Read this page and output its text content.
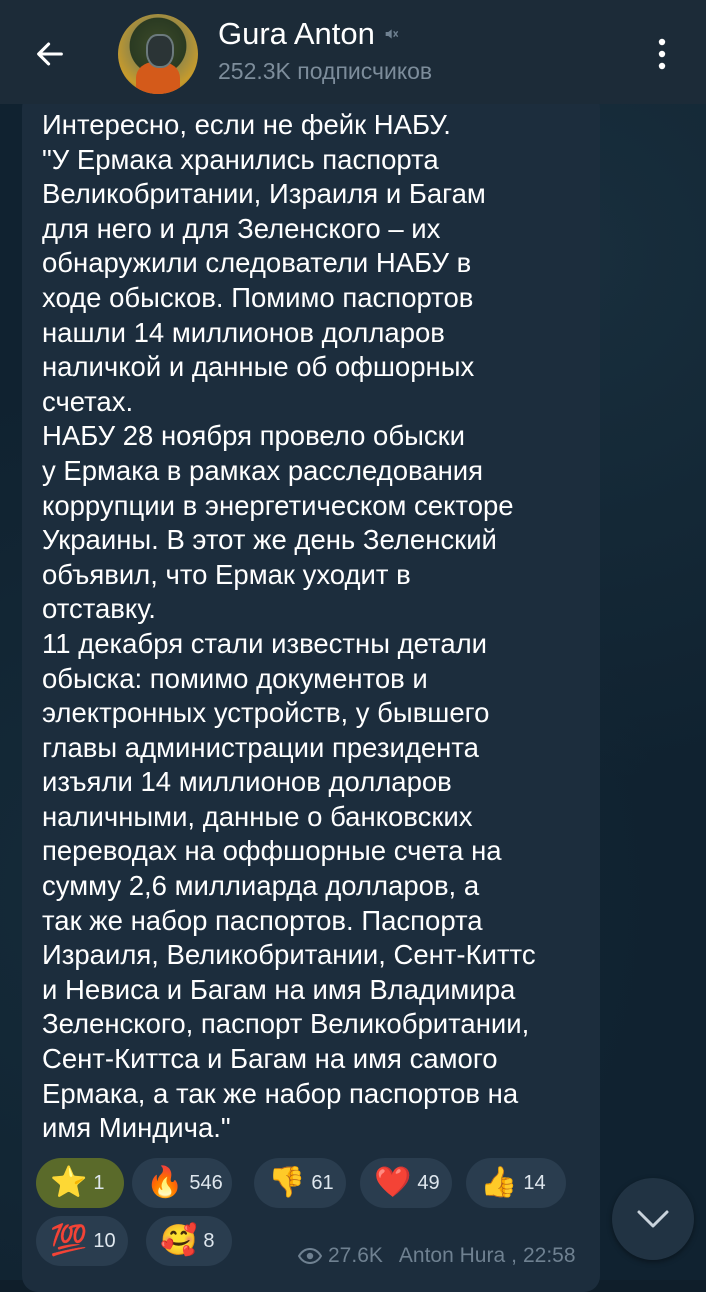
Gura Anton
252.3K подписчиков
Интересно, если не фейк НАБУ.
"У Ермака хранились паспорта
Великобритании, Израиля и Багам
для него и для Зеленского – их
обнаружили следователи НАБУ в
ходе обысков. Помимо паспортов
нашли 14 миллионов долларов
наличкой и данные об офшорных
счетах.
НАБУ 28 ноября провело обыски
у Ермака в рамках расследования
коррупции в энергетическом секторе
Украины. В этот же день Зеленский
объявил, что Ермак уходит в
отставку.
11 декабря стали известны детали
обыска: помимо документов и
электронных устройств, у бывшего
главы администрации президента
изъяли 14 миллионов долларов
наличными, данные о банковских
переводах на оффшорные счета на
сумму 2,6 миллиарда долларов, а
так же набор паспортов. Паспорта
Израиля, Великобритании, Сент-Киттс
и Невиса и Багам на имя Владимира
Зеленского, паспорт Великобритании,
Сент-Киттса и Багам на имя самого
Ермака, а так же набор паспортов на
имя Миндича."
⭐ 1 🔥 546 👎 61 ❤️ 49 👍 14
💯 10 🥰 8
27.6K Anton Hura , 22:58
